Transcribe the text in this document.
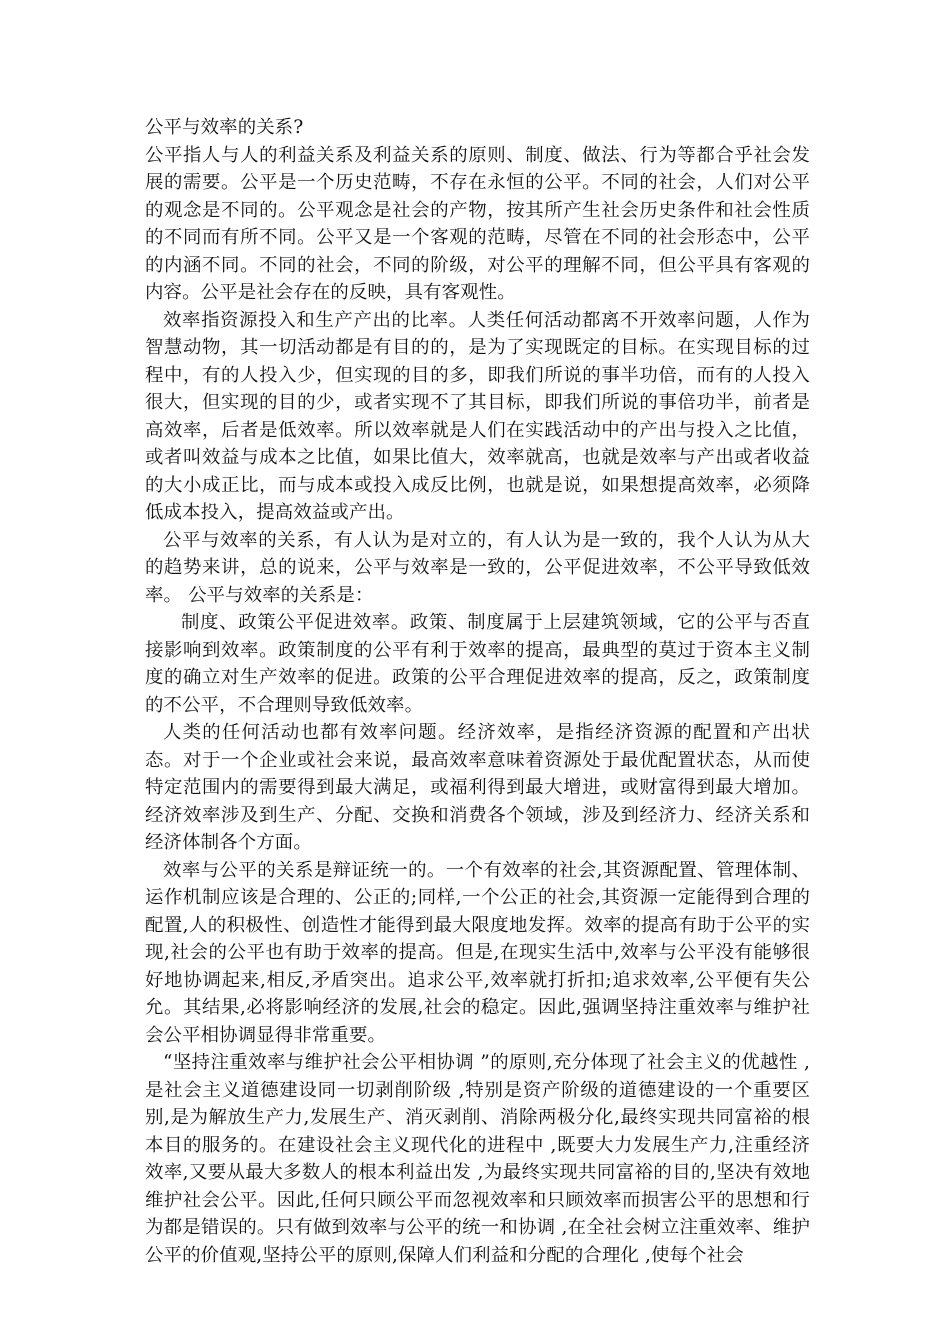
公平与效率的关系?

公平指人与人的利益关系及利益关系的原则、制度、做法、行为等都合乎社会发展的需要。公平是一个历史范畴，不存在永恒的公平。不同的社会，人们对公平的观念是不同的。公平观念是社会的产物，按其所产生社会历史条件和社会性质的不同而有所不同。公平又是一个客观的范畴，尽管在不同的社会形态中，公平的内涵不同。不同的社会，不同的阶级，对公平的理解不同，但公平具有客观的内容。公平是社会存在的反映，具有客观性。

效率指资源投入和生产产出的比率。人类任何活动都离不开效率问题，人作为智慧动物，其一切活动都是有目的的，是为了实现既定的目标。在实现目标的过程中，有的人投入少，但实现的目的多，即我们所说的事半功倍，而有的人投入很大，但实现的目的少，或者实现不了其目标，即我们所说的事倍功半，前者是高效率，后者是低效率。所以效率就是人们在实践活动中的产出与投入之比值，或者叫效益与成本之比值，如果比值大，效率就高，也就是效率与产出或者收益的大小成正比，而与成本或投入成反比例，也就是说，如果想提高效率，必须降低成本投入，提高效益或产出。

公平与效率的关系，有人认为是对立的，有人认为是一致的，我个人认为从大的趋势来讲，总的说来，公平与效率是一致的，公平促进效率，不公平导致低效率。 公平与效率的关系是：

制度、政策公平促进效率。政策、制度属于上层建筑领域，它的公平与否直接影响到效率。政策制度的公平有利于效率的提高，最典型的莫过于资本主义制度的确立对生产效率的促进。政策的公平合理促进效率的提高，反之，政策制度的不公平，不合理则导致低效率。

人类的任何活动也都有效率问题。经济效率，是指经济资源的配置和产出状态。对于一个企业或社会来说，最高效率意味着资源处于最优配置状态，从而使特定范围内的需要得到最大满足，或福利得到最大增进，或财富得到最大增加。经济效率涉及到生产、分配、交换和消费各个领域，涉及到经济力、经济关系和经济体制各个方面。

效率与公平的关系是辩证统一的。一个有效率的社会,其资源配置、管理体制、运作机制应该是合理的、公正的;同样,一个公正的社会,其资源一定能得到合理的配置,人的积极性、创造性才能得到最大限度地发挥。效率的提高有助于公平的实现,社会的公平也有助于效率的提高。但是,在现实生活中,效率与公平没有能够很好地协调起来,相反,矛盾突出。追求公平,效率就打折扣;追求效率,公平便有失公允。其结果,必将影响经济的发展,社会的稳定。因此,强调坚持注重效率与维护社会公平相协调显得非常重要。

“坚持注重效率与维护社会公平相协调 ”的原则,充分体现了社会主义的优越性 ,是社会主义道德建设同一切剥削阶级 ,特别是资产阶级的道德建设的一个重要区别,是为解放生产力,发展生产、消灭剥削、消除两极分化,最终实现共同富裕的根本目的服务的。在建设社会主义现代化的进程中 ,既要大力发展生产力,注重经济效率,又要从最大多数人的根本利益出发 ,为最终实现共同富裕的目的,坚决有效地维护社会公平。因此,任何只顾公平而忽视效率和只顾效率而损害公平的思想和行为都是错误的。只有做到效率与公平的统一和协调 ,在全社会树立注重效率、维护公平的价值观,坚持公平的原则,保障人们利益和分配的合理化 ,使每个社会
